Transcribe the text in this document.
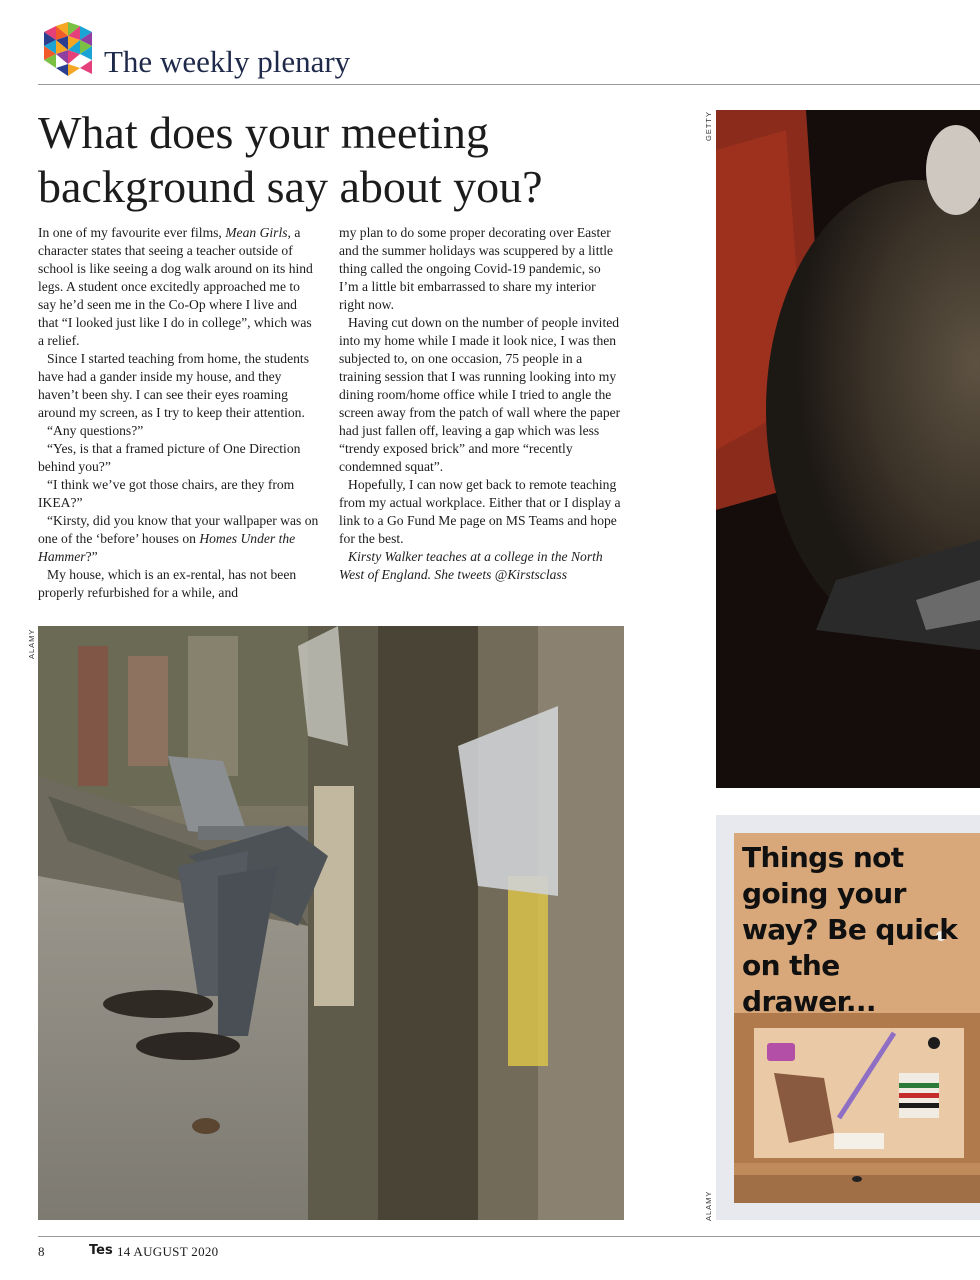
The weekly plenary
What does your meeting
background say about you?

In one of my favourite ever films, Mean Girls, a character states that seeing a teacher outside of school is like seeing a dog walk around on its hind legs. A student once excitedly approached me to say he’d seen me in the Co-Op where I live and that “I looked just like I do in college”, which was a relief.

Since I started teaching from home, the students have had a gander inside my house, and they haven’t been shy. I can see their eyes roaming around my screen, as I try to keep their attention.

“Any questions?”

“Yes, is that a framed picture of One Direction behind you?”

“I think we’ve got those chairs, are they from IKEA?”

“Kirsty, did you know that your wallpaper was on one of the ‘before’ houses on Homes Under the Hammer?”

My house, which is an ex-rental, has not been properly refurbished for a while, and

my plan to do some proper decorating over Easter and the summer holidays was scuppered by a little thing called the ongoing Covid-19 pandemic, so I’m a little bit embarrassed to share my interior right now.

Having cut down on the number of people invited into my home while I made it look nice, I was then subjected to, on one occasion, 75 people in a training session that I was running looking into my dining room/home office while I tried to angle the screen away from the patch of wall where the paper had just fallen off, leaving a gap which was less “trendy exposed brick” and more “recently condemned squat”.

Hopefully, I can now get back to remote teaching from my actual workplace. Either that or I display a link to a Go Fund Me page on MS Teams and hope for the best.

Kirsty Walker teaches at a college in the North West of England. She tweets @Kirstsclass

GETTY
ALAMY
ALAMY
Things not going your way? Be quick on the drawer...
8	Tes 14 AUGUST 2020
